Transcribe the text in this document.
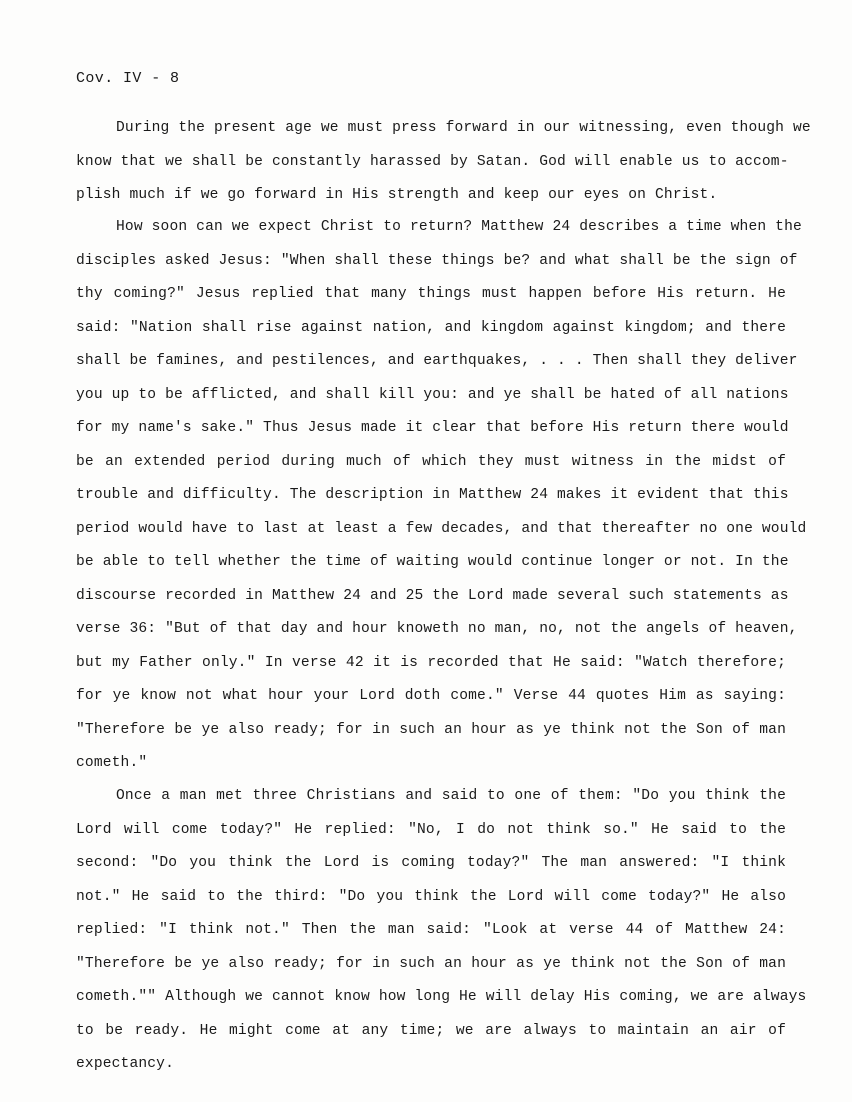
Cov. IV - 8
During the present age we must press forward in our witnessing, even though we
know that we shall be constantly harassed by Satan. God will enable us to accom-
plish much if we go forward in His strength and keep our eyes on Christ.
How soon can we expect Christ to return? Matthew 24 describes a time when the
disciples asked Jesus: "When shall these things be? and what shall be the sign of
thy coming?" Jesus replied that many things must happen before His return. He
said: "Nation shall rise against nation, and kingdom against kingdom; and there
shall be famines, and pestilences, and earthquakes, . . . Then shall they deliver
you up to be afflicted, and shall kill you: and ye shall be hated of all nations
for my name's sake." Thus Jesus made it clear that before His return there would
be an extended period during much of which they must witness in the midst of
trouble and difficulty. The description in Matthew 24 makes it evident that this
period would have to last at least a few decades, and that thereafter no one would
be able to tell whether the time of waiting would continue longer or not. In the
discourse recorded in Matthew 24 and 25 the Lord made several such statements as
verse 36: "But of that day and hour knoweth no man, no, not the angels of heaven,
but my Father only." In verse 42 it is recorded that He said: "Watch therefore;
for ye know not what hour your Lord doth come." Verse 44 quotes Him as saying:
"Therefore be ye also ready; for in such an hour as ye think not the Son of man
cometh."
Once a man met three Christians and said to one of them: "Do you think the
Lord will come today?" He replied: "No, I do not think so." He said to the
second: "Do you think the Lord is coming today?" The man answered: "I think
not." He said to the third: "Do you think the Lord will come today?" He also
replied: "I think not." Then the man said: "Look at verse 44 of Matthew 24:
"Therefore be ye also ready; for in such an hour as ye think not the Son of man
cometh."" Although we cannot know how long He will delay His coming, we are always
to be ready. He might come at any time; we are always to maintain an air of
expectancy.
